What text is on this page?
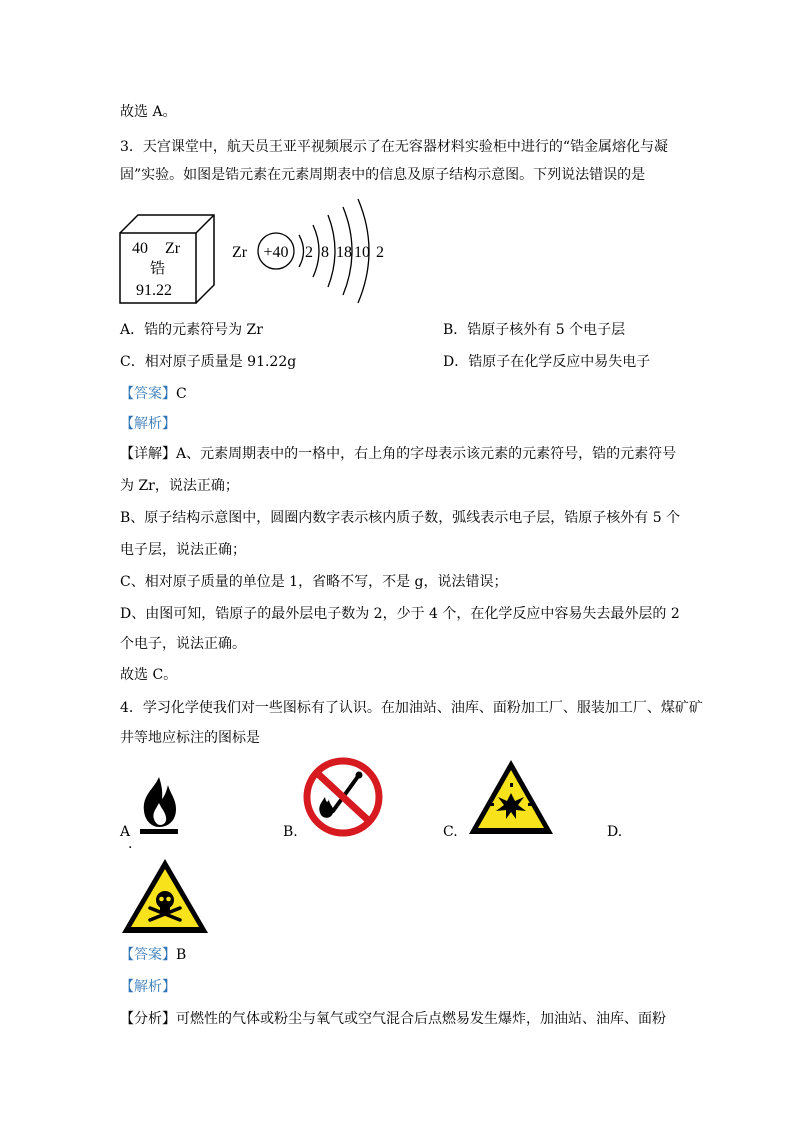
故选 A。
3．天宫课堂中，航天员王亚平视频展示了在无容器材料实验柜中进行的“锆金属熔化与凝
固”实验。如图是锆元素在元素周期表中的信息及原子结构示意图。下列说法错误的是
40 Zr
锆
91.22
Zr +40 2 8 18 10 2
A．锆的元素符号为 Zr	B．锆原子核外有 5 个电子层
C．相对原子质量是 91.22g	D．锆原子在化学反应中易失电子
【答案】C
【解析】
【详解】A、元素周期表中的一格中，右上角的字母表示该元素的元素符号，锆的元素符号
为 Zr，说法正确；
B、原子结构示意图中，圆圈内数字表示核内质子数，弧线表示电子层，锆原子核外有 5 个
电子层，说法正确；
C、相对原子质量的单位是 1，省略不写，不是 g，说法错误；
D、由图可知，锆原子的最外层电子数为 2，少于 4 个，在化学反应中容易失去最外层的 2
个电子，说法正确。
故选 C。
4．学习化学使我们对一些图标有了认识。在加油站、油库、面粉加工厂、服装加工厂、煤矿矿
井等地应标注的图标是
A
.
B.	C.	D.
【答案】B
【解析】
【分析】可燃性的气体或粉尘与氧气或空气混合后点燃易发生爆炸，加油站、油库、面粉
